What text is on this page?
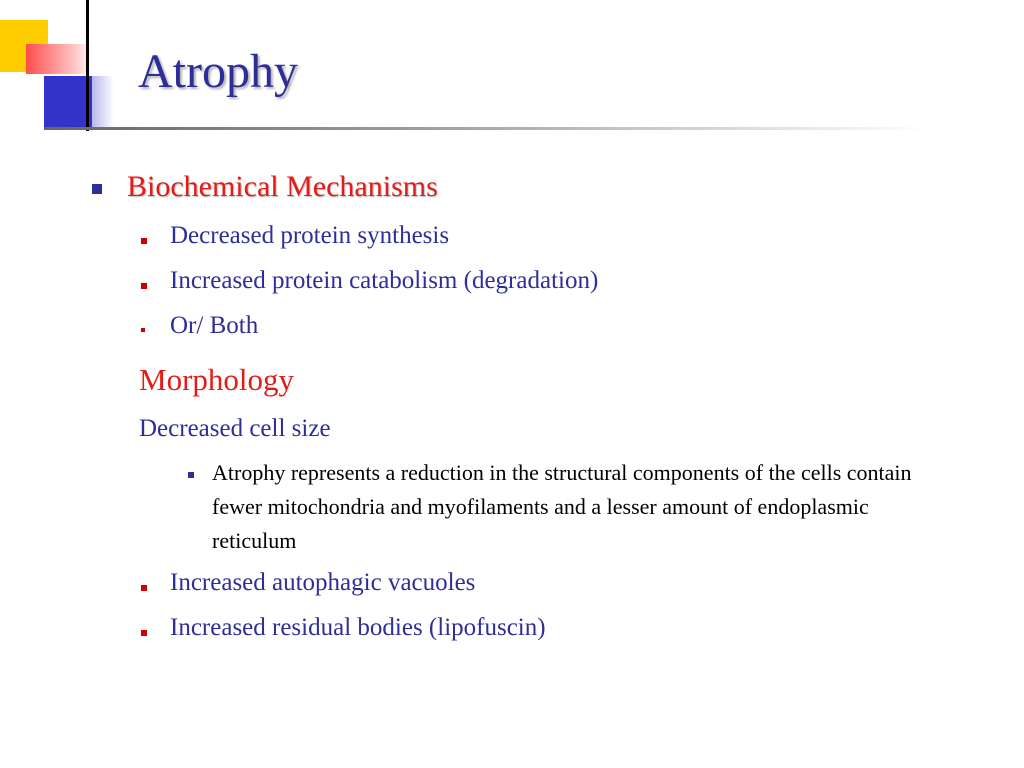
Atrophy

Biochemical Mechanisms

Decreased protein synthesis

Increased protein catabolism (degradation)

Or/ Both

Morphology

Decreased cell size

Atrophy represents a reduction in the structural components of the cells contain fewer mitochondria and myofilaments and a lesser amount of endoplasmic reticulum

Increased autophagic vacuoles

Increased residual bodies (lipofuscin)
